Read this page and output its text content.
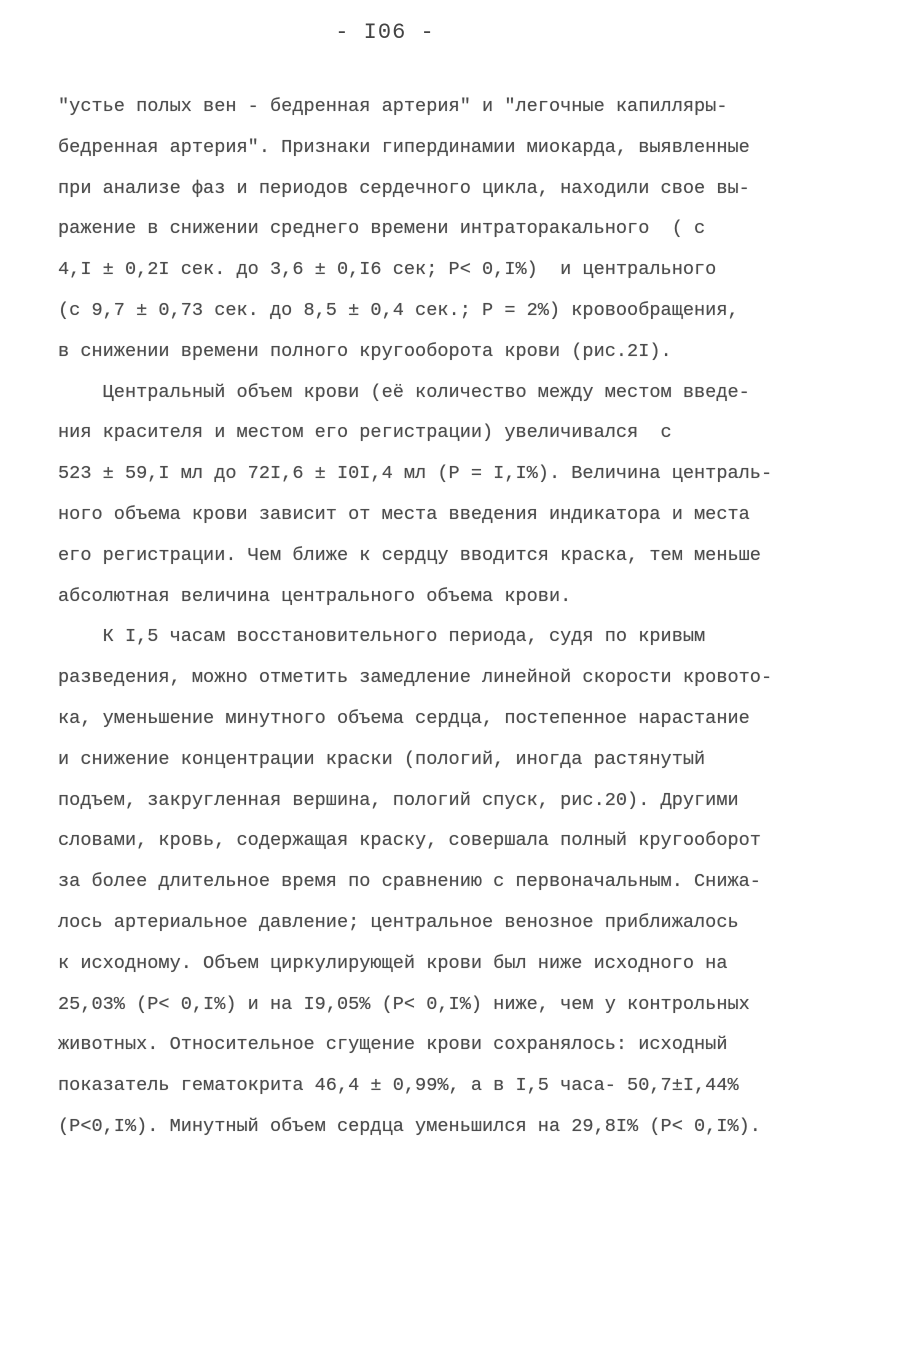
- I06 -
"устье полых вен - бедренная артерия" и "легочные капилляры-
бедренная артерия". Признаки гипердинамии миокарда, выявленные
при анализе фаз и периодов сердечного цикла, находили свое вы-
ражение в снижении среднего времени интраторакального  ( с
4,I ± 0,2I сек. до 3,6 ± 0,I6 сек; P< 0,I%)  и центрального
(с 9,7 ± 0,73 сек. до 8,5 ± 0,4 сек.; P = 2%) кровообращения,
в снижении времени полного кругооборота крови (рис.2I).
Центральный объем крови (её количество между местом введе-
ния красителя и местом его регистрации) увеличивался  с
523 ± 59,I мл до 72I,6 ± I0I,4 мл (P = I,I%). Величина централь-
ного объема крови зависит от места введения индикатора и места
его регистрации. Чем ближе к сердцу вводится краска, тем меньше
абсолютная величина центрального объема крови.
К I,5 часам восстановительного периода, судя по кривым
разведения, можно отметить замедление линейной скорости кровото-
ка, уменьшение минутного объема сердца, постепенное нарастание
и снижение концентрации краски (пологий, иногда растянутый
подъем, закругленная вершина, пологий спуск, рис.20). Другими
словами, кровь, содержащая краску, совершала полный кругооборот
за более длительное время по сравнению с первоначальным. Снижа-
лось артериальное давление; центральное венозное приближалось
к исходному. Объем циркулирующей крови был ниже исходного на
25,03% (P< 0,I%) и на I9,05% (P< 0,I%) ниже, чем у контрольных
животных. Относительное сгущение крови сохранялось: исходный
показатель гематокрита 46,4 ± 0,99%, а в I,5 часа- 50,7±I,44%
(P<0,I%). Минутный объем сердца уменьшился на 29,8I% (P< 0,I%).
